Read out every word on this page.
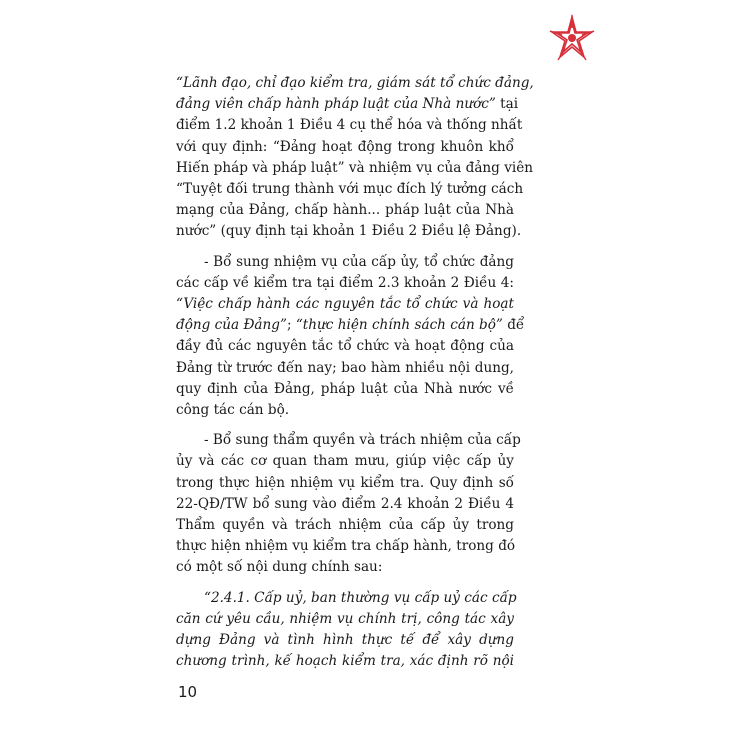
“Lãnh đạo, chỉ đạo kiểm tra, giám sát tổ chức đảng,
đảng viên chấp hành pháp luật của Nhà nước” tại
điểm 1.2 khoản 1 Điều 4 cụ thể hóa và thống nhất
với quy định: “Đảng hoạt động trong khuôn khổ
Hiến pháp và pháp luật” và nhiệm vụ của đảng viên
“Tuyệt đối trung thành với mục đích lý tưởng cách
mạng của Đảng, chấp hành... pháp luật của Nhà
nước” (quy định tại khoản 1 Điều 2 Điều lệ Đảng).
- Bổ sung nhiệm vụ của cấp ủy, tổ chức đảng
các cấp về kiểm tra tại điểm 2.3 khoản 2 Điều 4:
“Việc chấp hành các nguyên tắc tổ chức và hoạt
động của Đảng”; “thực hiện chính sách cán bộ” để
đầy đủ các nguyên tắc tổ chức và hoạt động của
Đảng từ trước đến nay; bao hàm nhiều nội dung,
quy định của Đảng, pháp luật của Nhà nước về
công tác cán bộ.
- Bổ sung thẩm quyền và trách nhiệm của cấp
ủy và các cơ quan tham mưu, giúp việc cấp ủy
trong thực hiện nhiệm vụ kiểm tra. Quy định số
22-QĐ/TW bổ sung vào điểm 2.4 khoản 2 Điều 4
Thẩm quyền và trách nhiệm của cấp ủy trong
thực hiện nhiệm vụ kiểm tra chấp hành, trong đó
có một số nội dung chính sau:
“2.4.1. Cấp uỷ, ban thường vụ cấp uỷ các cấp
căn cứ yêu cầu, nhiệm vụ chính trị, công tác xây
dựng Đảng và tình hình thực tế để xây dựng
chương trình, kế hoạch kiểm tra, xác định rõ nội
10
